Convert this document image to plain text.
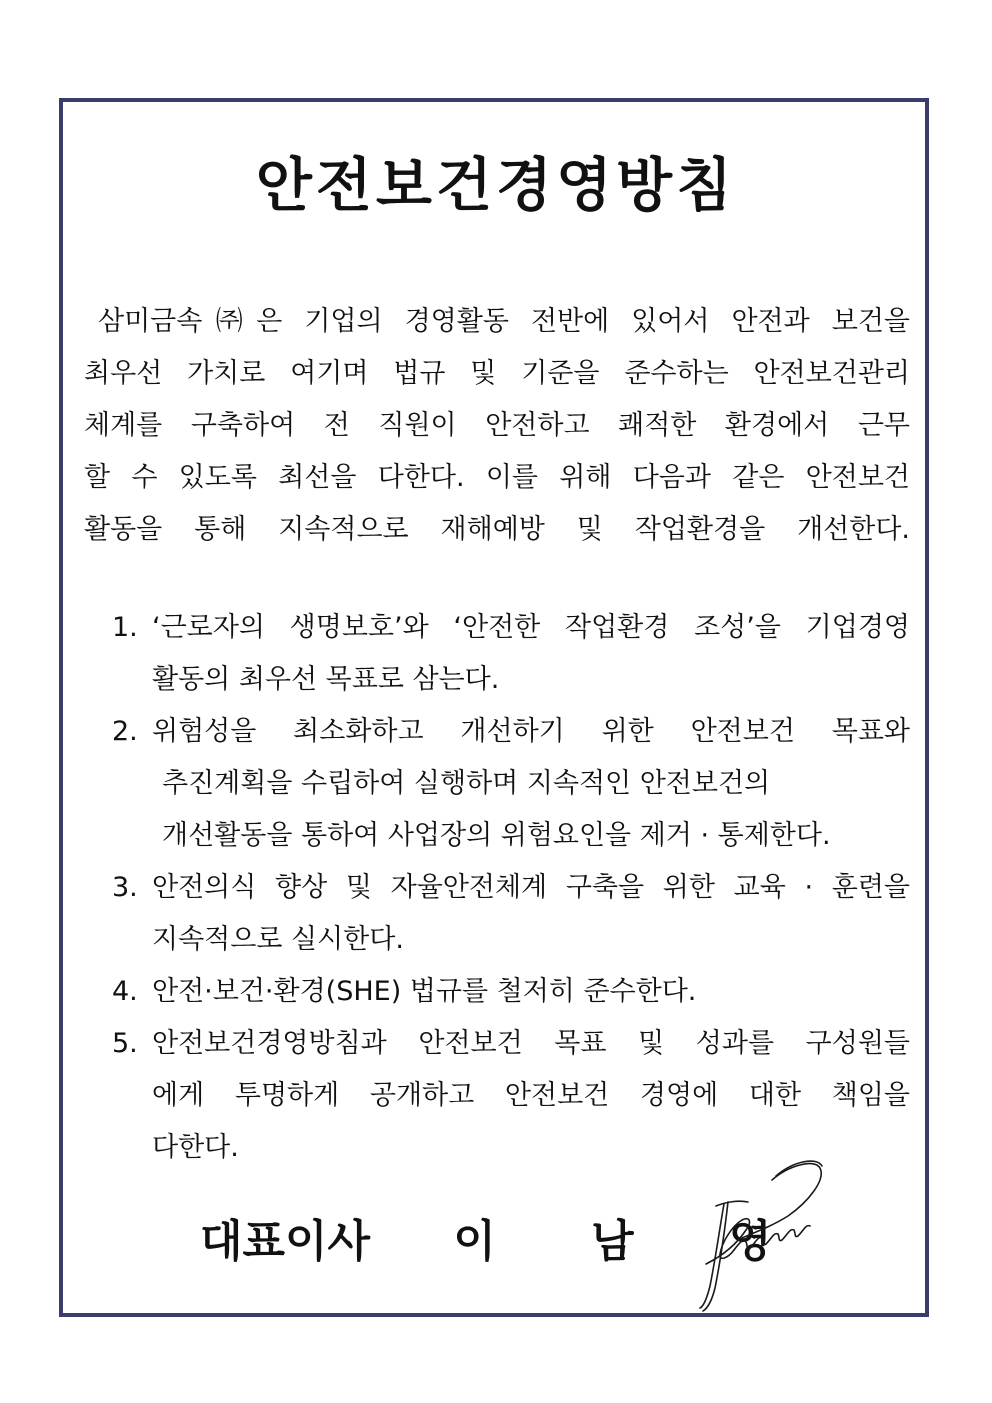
안전보건경영방침
삼미금속㈜은 기업의 경영활동 전반에 있어서 안전과 보건을
최우선 가치로 여기며 법규 및 기준을 준수하는 안전보건관리
체계를 구축하여 전 직원이 안전하고 쾌적한 환경에서 근무
할 수 있도록 최선을 다한다. 이를 위해 다음과 같은 안전보건
활동을 통해 지속적으로 재해예방 및 작업환경을 개선한다.
1. ‘근로자의 생명보호’와 ‘안전한 작업환경 조성’을 기업경영
활동의 최우선 목표로 삼는다.
2. 위험성을 최소화하고 개선하기 위한 안전보건 목표와
추진계획을 수립하여 실행하며 지속적인 안전보건의
개선활동을 통하여 사업장의 위험요인을 제거 · 통제한다.
3. 안전의식 향상 및 자율안전체계 구축을 위한 교육 · 훈련을
지속적으로 실시한다.
4. 안전·보건·환경(SHE) 법규를 철저히 준수한다.
5. 안전보건경영방침과 안전보건 목표 및 성과를 구성원들
에게 투명하게 공개하고 안전보건 경영에 대한 책임을
다한다.
대표이사 이 남 영
